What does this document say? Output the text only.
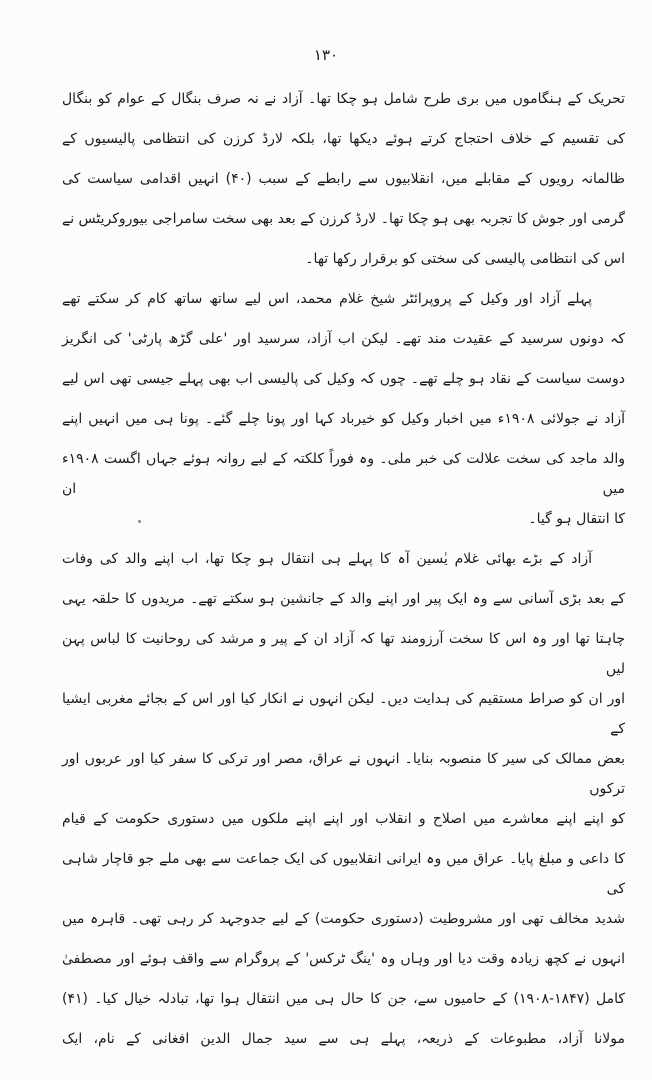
۱۳۰
تحریک کے ہنگاموں میں بری طرح شامل ہو چکا تھا۔ آزاد نے نہ صرف بنگال کے عوام کو بنگال
کی تقسیم کے خلاف احتجاج کرتے ہوئے دیکھا تھا، بلکہ لارڈ کرزن کی انتظامی پالیسیوں کے
ظالمانہ رویوں کے مقابلے میں، انقلابیوں سے رابطے کے سبب (۴۰) انہیں اقدامی سیاست کی
گرمی اور جوش کا تجربہ بھی ہو چکا تھا۔ لارڈ کرزن کے بعد بھی سخت سامراجی بیوروکریٹس نے
اس کی انتظامی پالیسی کی سختی کو برقرار رکھا تھا۔
پہلے آزاد اور وکیل کے پروپرائٹر شیخ غلام محمد، اس لیے ساتھ ساتھ کام کر سکتے تھے
کہ دونوں سرسید کے عقیدت مند تھے۔ لیکن اب آزاد، سرسید اور 'علی گڑھ پارٹی' کی انگریز
دوست سیاست کے نقاد ہو چلے تھے۔ چوں کہ وکیل کی پالیسی اب بھی پہلے جیسی تھی اس لیے
آزاد نے جولائی ۱۹۰۸ء میں اخبار وکیل کو خیرباد کہا اور پونا چلے گئے۔ پونا ہی میں انہیں اپنے
والد ماجد کی سخت علالت کی خبر ملی۔ وہ فوراً کلکتہ کے لیے روانہ ہوئے جہاں اگست ۱۹۰۸ء میں ان
کا انتقال ہو گیا۔
آزاد کے بڑے بھائی غلام یٰسین آہ کا پہلے ہی انتقال ہو چکا تھا، اب اپنے والد کی وفات
کے بعد بڑی آسانی سے وہ ایک پیر اور اپنے والد کے جانشین ہو سکتے تھے۔ مریدوں کا حلقہ یہی
چاہتا تھا اور وہ اس کا سخت آرزومند تھا کہ آزاد ان کے پیر و مرشد کی روحانیت کا لباس پہن لیں
اور ان کو صراط مستقیم کی ہدایت دیں۔ لیکن انہوں نے انکار کیا اور اس کے بجائے مغربی ایشیا کے
بعض ممالک کی سیر کا منصوبہ بنایا۔ انہوں نے عراق، مصر اور ترکی کا سفر کیا اور عربوں اور ترکوں
کو اپنے اپنے معاشرے میں اصلاح و انقلاب اور اپنے اپنے ملکوں میں دستوری حکومت کے قیام
کا داعی و مبلغ پایا۔ عراق میں وہ ایرانی انقلابیوں کی ایک جماعت سے بھی ملے جو قاچار شاہی کی
شدید مخالف تھی اور مشروطیت (دستوری حکومت) کے لیے جدوجہد کر رہی تھی۔ قاہرہ میں
انہوں نے کچھ زیادہ وقت دیا اور وہاں وہ 'ینگ ٹرکس' کے پروگرام سے واقف ہوئے اور مصطفیٰ
کامل (۱۸۴۷-۱۹۰۸) کے حامیوں سے، جن کا حال ہی میں انتقال ہوا تھا، تبادلہ خیال کیا۔ (۴۱)
مولانا آزاد، مطبوعات کے ذریعہ، پہلے ہی سے سید جمال الدین افغانی کے نام، ایک
